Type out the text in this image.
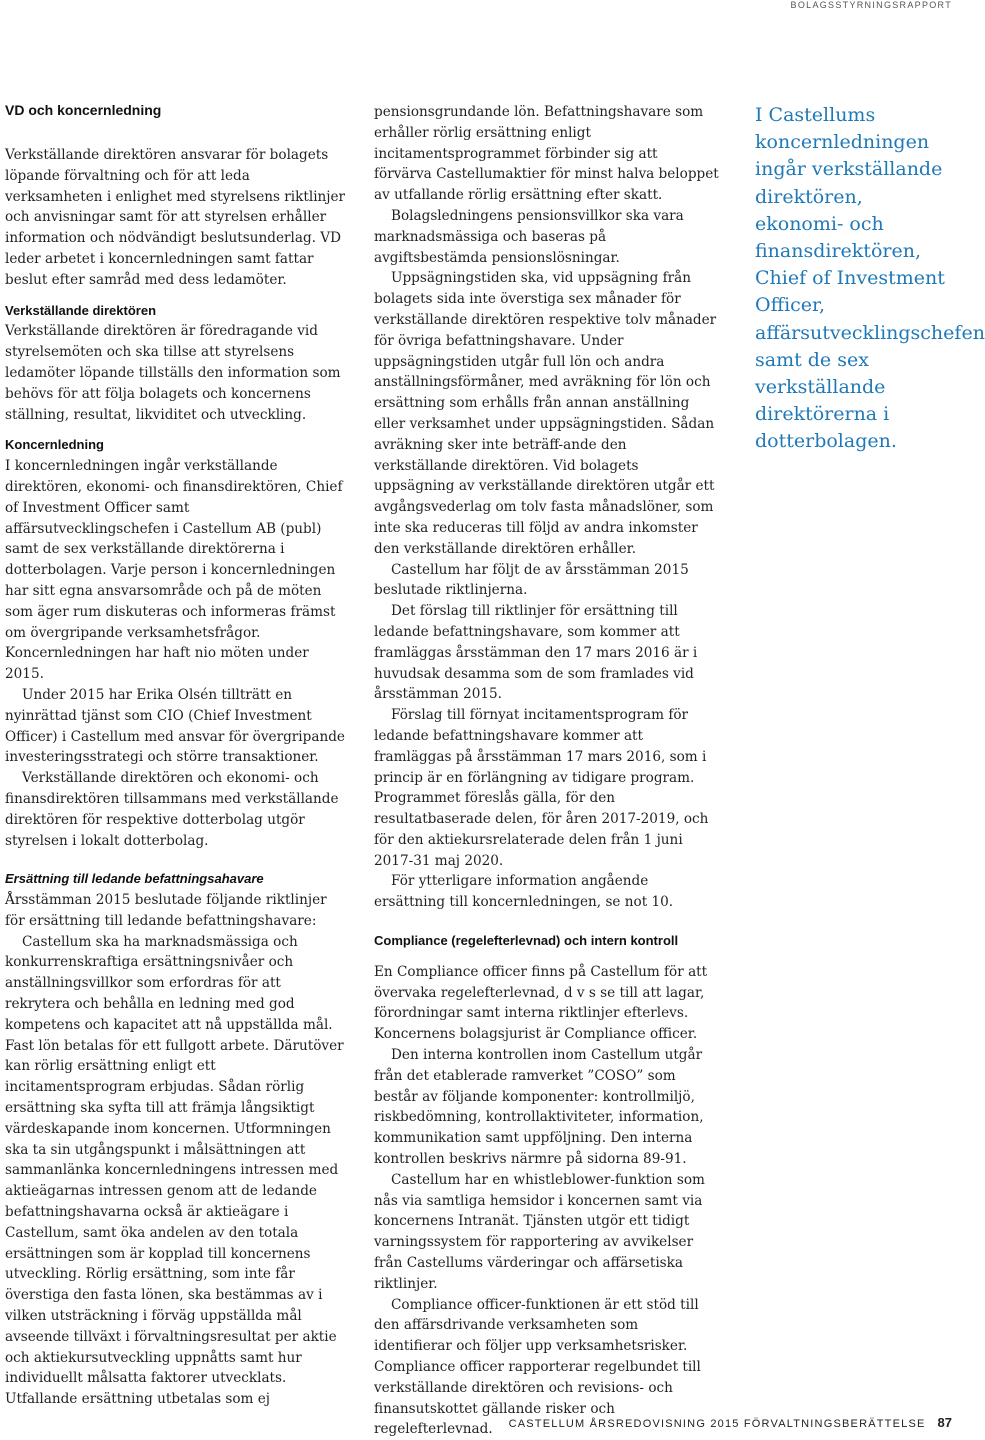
BOLAGSSTYRNINGSRAPPORT

VD och koncernledning

Verkställande direktören ansvarar för bolagets löpande förvaltning och för att leda verksamheten i enlighet med styrelsens riktlinjer och anvisningar samt för att styrelsen erhåller information och nödvändigt beslutsunderlag. VD leder arbetet i koncernledningen samt fattar beslut efter samråd med dess ledamöter.

Verkställande direktören

Verkställande direktören är föredragande vid styrelsemöten och ska tillse att styrelsens ledamöter löpande tillställs den information som behövs för att följa bolagets och koncernens ställning, resultat, likviditet och utveckling.

Koncernledning

I koncernledningen ingår verkställande direktören, ekonomi- och finansdirektören, Chief of Investment Officer samt affärsutvecklingschefen i Castellum AB (publ) samt de sex verkställande direktörerna i dotterbolagen. Varje person i koncernledningen har sitt egna ansvarsområde och på de möten som äger rum diskuteras och informeras främst om övergripande verksamhetsfrågor. Koncernledningen har haft nio möten under 2015.

Under 2015 har Erika Olsén tillträtt en nyinrättad tjänst som CIO (Chief Investment Officer) i Castellum med ansvar för övergripande investeringsstrategi och större transaktioner.

Verkställande direktören och ekonomi- och finansdirektören tillsammans med verkställande direktören för respektive dotterbolag utgör styrelsen i lokalt dotterbolag.

Ersättning till ledande befattningsahavare

Årsstämman 2015 beslutade följande riktlinjer för ersättning till ledande befattningshavare:

Castellum ska ha marknadsmässiga och konkurrenskraftiga ersättningsnivåer och anställningsvillkor som erfordras för att rekrytera och behålla en ledning med god kompetens och kapacitet att nå uppställda mål. Fast lön betalas för ett fullgott arbete. Därutöver kan rörlig ersättning enligt ett incitamentsprogram erbjudas. Sådan rörlig ersättning ska syfta till att främja långsiktigt värdeskapande inom koncernen. Utformningen ska ta sin utgångspunkt i målsättningen att sammanlänka koncernledningens intressen med aktieägarnas intressen genom att de ledande befattningshavarna också är aktieägare i Castellum, samt öka andelen av den totala ersättningen som är kopplad till koncernens utveckling. Rörlig ersättning, som inte får överstiga den fasta lönen, ska bestämmas av i vilken utsträckning i förväg uppställda mål avseende tillväxt i förvaltningsresultat per aktie och aktiekursutveckling uppnåtts samt hur individuellt målsatta faktorer utvecklats. Utfallande ersättning utbetalas som ej

pensionsgrundande lön. Befattningshavare som erhåller rörlig ersättning enligt incitamentsprogrammet förbinder sig att förvärva Castellumaktier för minst halva beloppet av utfallande rörlig ersättning efter skatt.

Bolagsledningens pensionsvillkor ska vara marknadsmässiga och baseras på avgiftsbestämda pensionslösningar.

Uppsägningstiden ska, vid uppsägning från bolagets sida inte överstiga sex månader för verkställande direktören respektive tolv månader för övriga befattningshavare. Under uppsägningstiden utgår full lön och andra anställningsförmåner, med avräkning för lön och ersättning som erhålls från annan anställning eller verksamhet under uppsägningstiden. Sådan avräkning sker inte beträff-ande den verkställande direktören. Vid bolagets uppsägning av verkställande direktören utgår ett avgångsvederlag om tolv fasta månadslöner, som inte ska reduceras till följd av andra inkomster den verkställande direktören erhåller.

Castellum har följt de av årsstämman 2015 beslutade riktlinjerna.

Det förslag till riktlinjer för ersättning till ledande befattningshavare, som kommer att framläggas årsstämman den 17 mars 2016 är i huvudsak desamma som de som framlades vid årsstämman 2015.

Förslag till förnyat incitamentsprogram för ledande befattningshavare kommer att framläggas på årsstämman 17 mars 2016, som i princip är en förlängning av tidigare program. Programmet föreslås gälla, för den resultatbaserade delen, för åren 2017-2019, och för den aktiekursrelaterade delen från 1 juni 2017-31 maj 2020.

För ytterligare information angående ersättning till koncernledningen, se not 10.

Compliance (regelefterlevnad) och intern kontroll

En Compliance officer finns på Castellum för att övervaka regelefterlevnad, d v s se till att lagar, förordningar samt interna riktlinjer efterlevs. Koncernens bolagsjurist är Compliance officer.

Den interna kontrollen inom Castellum utgår från det etablerade ramverket ”COSO” som består av följande komponenter: kontrollmiljö, riskbedömning, kontrollaktiviteter, information, kommunikation samt uppföljning. Den interna kontrollen beskrivs närmre på sidorna 89-91.

Castellum har en whistleblower-funktion som nås via samtliga hemsidor i koncernen samt via koncernens Intranät. Tjänsten utgör ett tidigt varningssystem för rapportering av avvikelser från Castellums värderingar och affärsetiska riktlinjer.

Compliance officer-funktionen är ett stöd till den affärsdrivande verksamheten som identifierar och följer upp verksamhetsrisker. Compliance officer rapporterar regelbundet till verkställande direktören och revisions- och finansutskottet gällande risker och regelefterlevnad.

I Castellums koncernledningen ingår verkställande direktören, ekonomi- och finansdirektören, Chief of Investment Officer, affärsutvecklingschefen samt de sex verkställande direktörerna i dotterbolagen.

CASTELLUM ÅRSREDOVISNING 2015 FÖRVALTNINGSBERÄTTELSE 87
